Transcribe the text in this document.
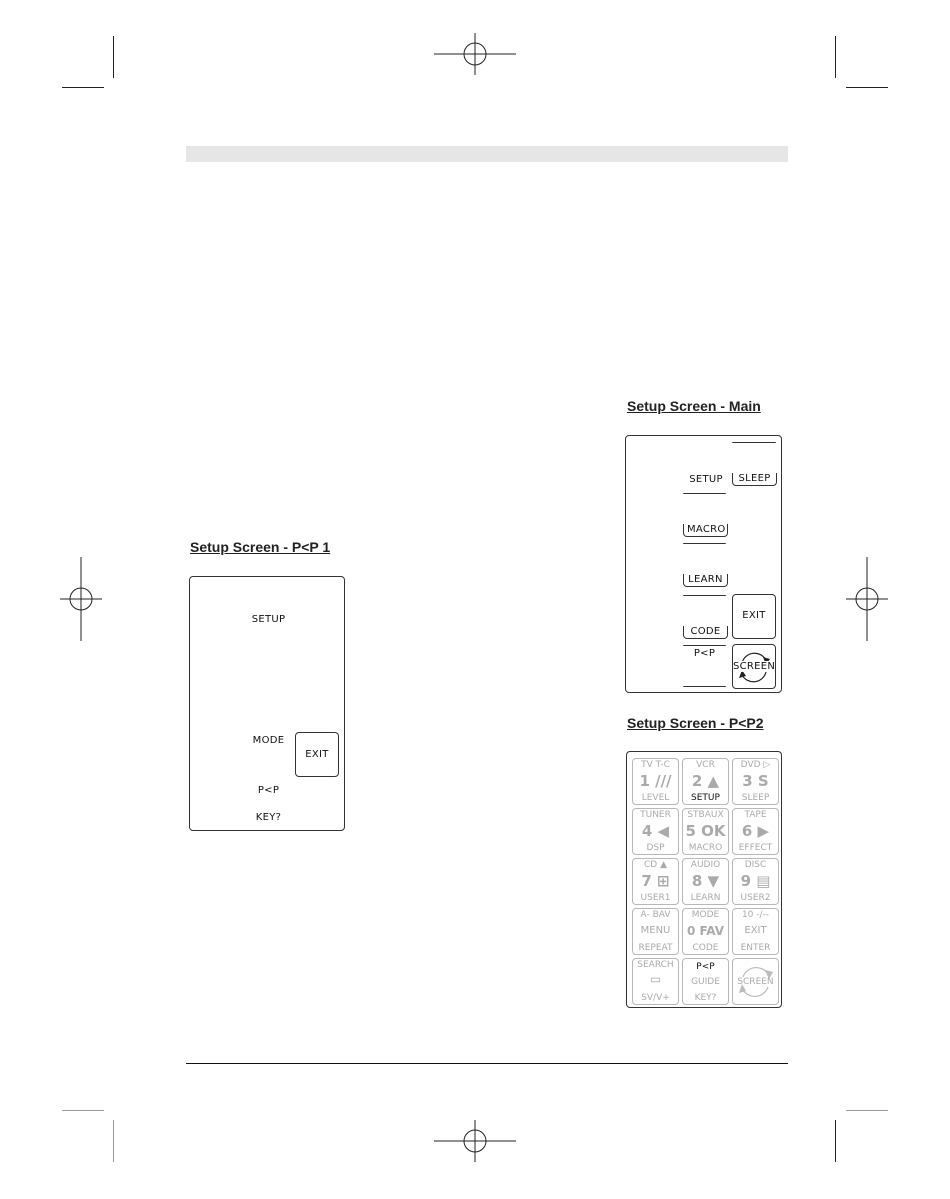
Setup Screen - Main
Setup Screen - P<P 1
Setup Screen - P<P2
SETUP	SLEEP
MACRO
LEARN
CODE
EXIT
P<P
SCREEN
SETUP
MODE
EXIT
P<P
KEY?
TV T-C
1 ///
LEVEL
VCR
2 ▲
SETUP
DVD ▷
3 S
SLEEP
TUNER
4 ◀
DSP
STBAUX
5 OK
MACRO
TAPE
6 ▶
EFFECT
CD ▲
7 ⊞
USER1
AUDIO
8 ▼
LEARN
DISC
9 ▤
USER2
A- BAV
MENU
REPEAT
MODE
0 FAV
CODE
10 -/--
EXIT
ENTER
SEARCH
▭
SV/V+
P<P
GUIDE
KEY?
SCREEN
